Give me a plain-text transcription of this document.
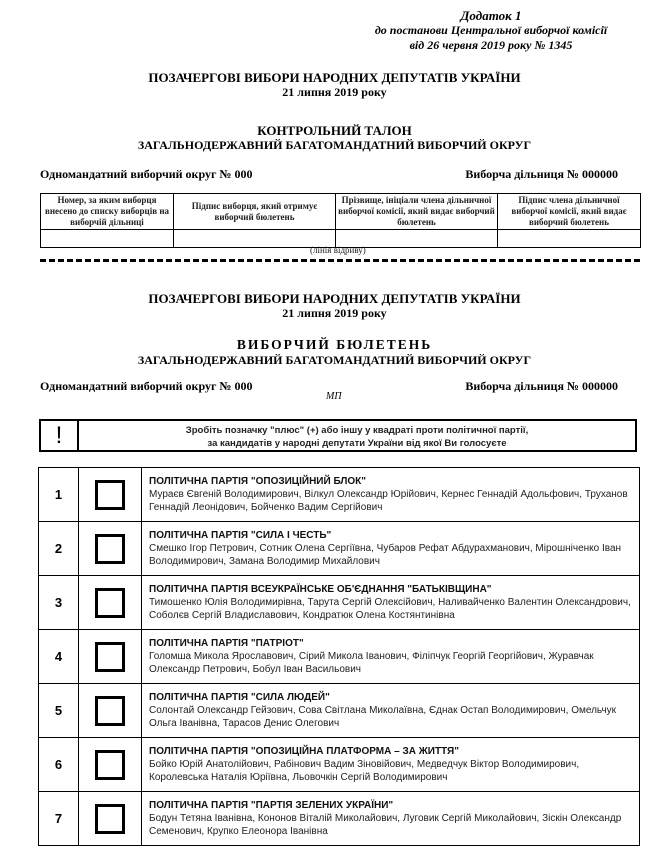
Додаток 1
до постанови Центральної виборчої комісії
від 26 червня 2019 року № 1345
ПОЗАЧЕРГОВІ ВИБОРИ НАРОДНИХ ДЕПУТАТІВ УКРАЇНИ
21 липня 2019 року
КОНТРОЛЬНИЙ ТАЛОН
ЗАГАЛЬНОДЕРЖАВНИЙ БАГАТОМАНДАТНИЙ ВИБОРЧИЙ ОКРУГ
Одномандатний виборчий округ № 000	Виборча дільниця № 000000
Номер, за яким виборця внесено до списку виборців на виборчій дільниці	Підпис виборця, який отримує виборчий бюлетень	Прізвище, ініціали члена дільничної виборчої комісії, який видає виборчий бюлетень	Підпис члена дільничної виборчої комісії, який видає виборчий бюлетень

(лінія відриву)
ПОЗАЧЕРГОВІ ВИБОРИ НАРОДНИХ ДЕПУТАТІВ УКРАЇНИ
21 липня 2019 року
ВИБОРЧИЙ БЮЛЕТЕНЬ
ЗАГАЛЬНОДЕРЖАВНИЙ БАГАТОМАНДАТНИЙ ВИБОРЧИЙ ОКРУГ
Одномандатний виборчий округ № 000	Виборча дільниця № 000000
МП
!	Зробіть позначку "плюс" (+) або іншу у квадраті проти політичної партії,
за кандидатів у народні депутати України від якої Ви голосуєте
1		ПОЛІТИЧНА ПАРТІЯ "ОПОЗИЦІЙНИЙ БЛОК"
Мураєв Євгеній Володимирович, Вілкул Олександр Юрійович, Кернес Геннадій Адольфович, Труханов Геннадій Леонідович, Бойченко Вадим Сергійович

2		ПОЛІТИЧНА ПАРТІЯ "СИЛА І ЧЕСТЬ"
Смешко Ігор Петрович, Сотник Олена Сергіївна, Чубаров Рефат Абдурахманович, Мірошніченко Іван Володимирович, Замана Володимир Михайлович

3		ПОЛІТИЧНА ПАРТІЯ ВСЕУКРАЇНСЬКЕ ОБ'ЄДНАННЯ "БАТЬКІВЩИНА"
Тимошенко Юлія Володимирівна, Тарута Сергій Олексійович, Наливайченко Валентин Олександрович, Соболєв Сергій Владиславович, Кондратюк Олена Костянтинівна

4		ПОЛІТИЧНА ПАРТІЯ "ПАТРІОТ"
Голомша Микола Ярославович, Сірий Микола Іванович, Філіпчук Георгій Георгійович, Журавчак Олександр Петрович, Бобул Іван Васильович

5		ПОЛІТИЧНА ПАРТІЯ "СИЛА ЛЮДЕЙ"
Солонтай Олександр Гейзович, Сова Світлана Миколаївна, Єднак Остап Володимирович, Омельчук Ольга Іванівна, Тарасов Денис Олегович

6		ПОЛІТИЧНА ПАРТІЯ "ОПОЗИЦІЙНА ПЛАТФОРМА – ЗА ЖИТТЯ"
Бойко Юрій Анатолійович, Рабінович Вадим Зіновійович, Медведчук Віктор Володимирович, Королевська Наталія Юріївна, Льовочкін Сергій Володимирович

7		ПОЛІТИЧНА ПАРТІЯ "ПАРТІЯ ЗЕЛЕНИХ УКРАЇНИ"
Бодун Тетяна Іванівна, Кононов Віталій Миколайович, Луговик Сергій Миколайович, Зіскін Олександр Семенович, Крупко Елеонора Іванівна
